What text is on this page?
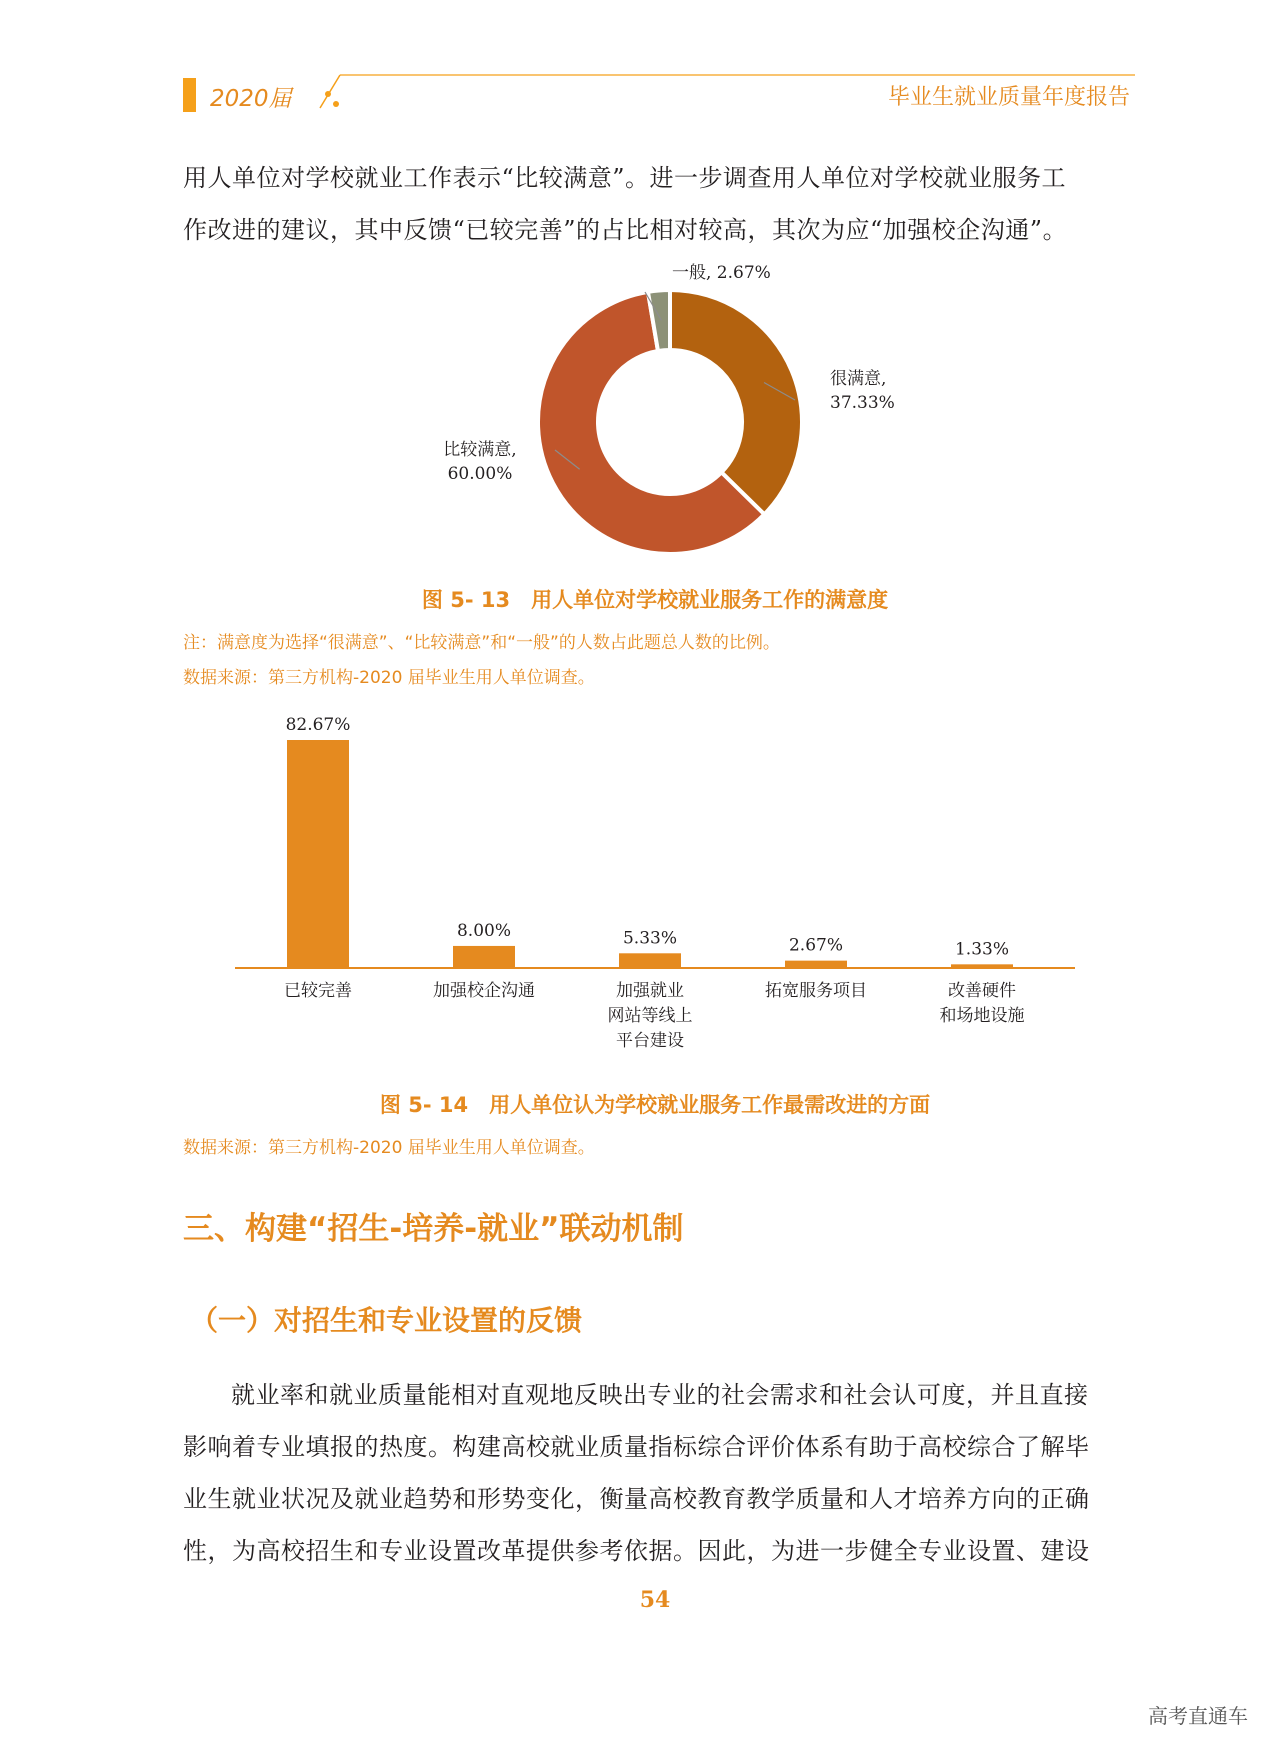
2020届	毕业生就业质量年度报告

用人单位对学校就业工作表示“比较满意”。进一步调查用人单位对学校就业服务工

作改进的建议，其中反馈“已较完善”的占比相对较高，其次为应“加强校企沟通”。

很满意,
37.33%
比较满意,
60.00%
一般, 2.67%
图 5- 13　用人单位对学校就业服务工作的满意度
注：满意度为选择“很满意”、“比较满意”和“一般”的人数占此题总人数的比例。
数据来源：第三方机构-2020 届毕业生用人单位调查。
82.67%
已较完善
8.00%
加强校企沟通
5.33%
加强就业
网站等线上
平台建设
2.67%
拓宽服务项目
1.33%
改善硬件
和场地设施
图 5- 14　用人单位认为学校就业服务工作最需改进的方面
数据来源：第三方机构-2020 届毕业生用人单位调查。
三、构建“招生-培养-就业”联动机制
（一）对招生和专业设置的反馈

就业率和就业质量能相对直观地反映出专业的社会需求和社会认可度，并且直接

影响着专业填报的热度。构建高校就业质量指标综合评价体系有助于高校综合了解毕

业生就业状况及就业趋势和形势变化，衡量高校教育教学质量和人才培养方向的正确

性，为高校招生和专业设置改革提供参考依据。因此，为进一步健全专业设置、建设

54
高考直通车
